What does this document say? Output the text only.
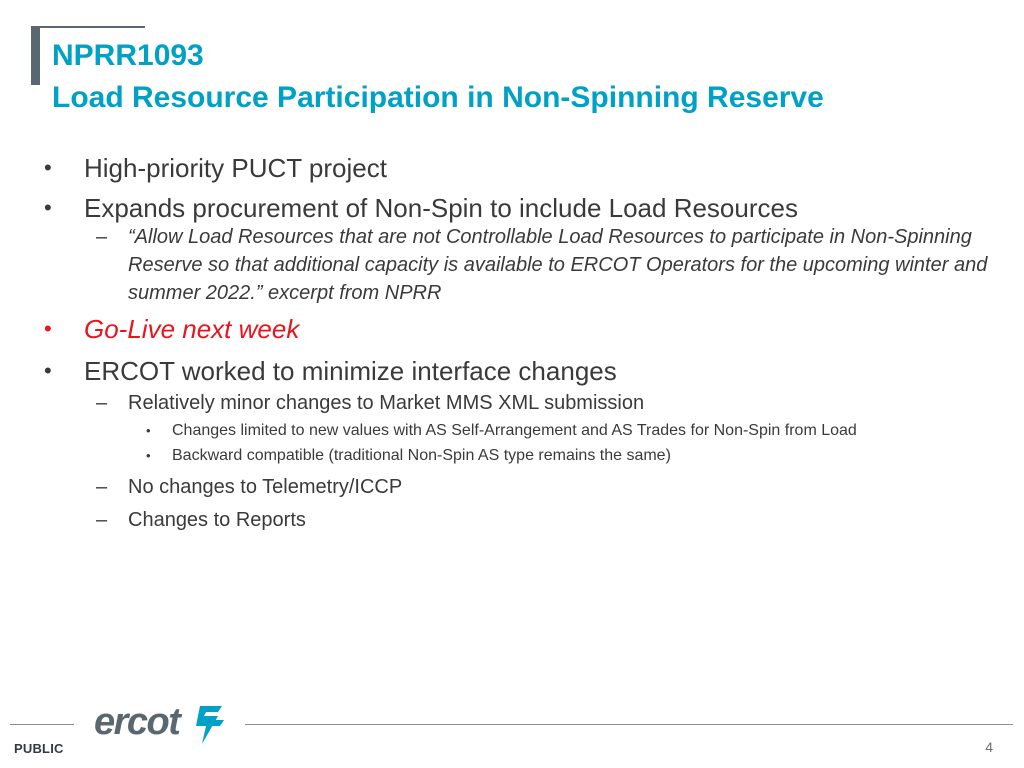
NPRR1093
Load Resource Participation in Non-Spinning Reserve
• High-priority PUCT project
• Expands procurement of Non-Spin to include Load Resources
– “Allow Load Resources that are not Controllable Load Resources to participate in Non-Spinning Reserve so that additional capacity is available to ERCOT Operators for the upcoming winter and summer 2022.” excerpt from NPRR
• Go-Live next week
• ERCOT worked to minimize interface changes
– Relatively minor changes to Market MMS XML submission
• Changes limited to new values with AS Self-Arrangement and AS Trades for Non-Spin from Load
• Backward compatible (traditional Non-Spin AS type remains the same)
– No changes to Telemetry/ICCP
– Changes to Reports
ercot
PUBLIC	4
